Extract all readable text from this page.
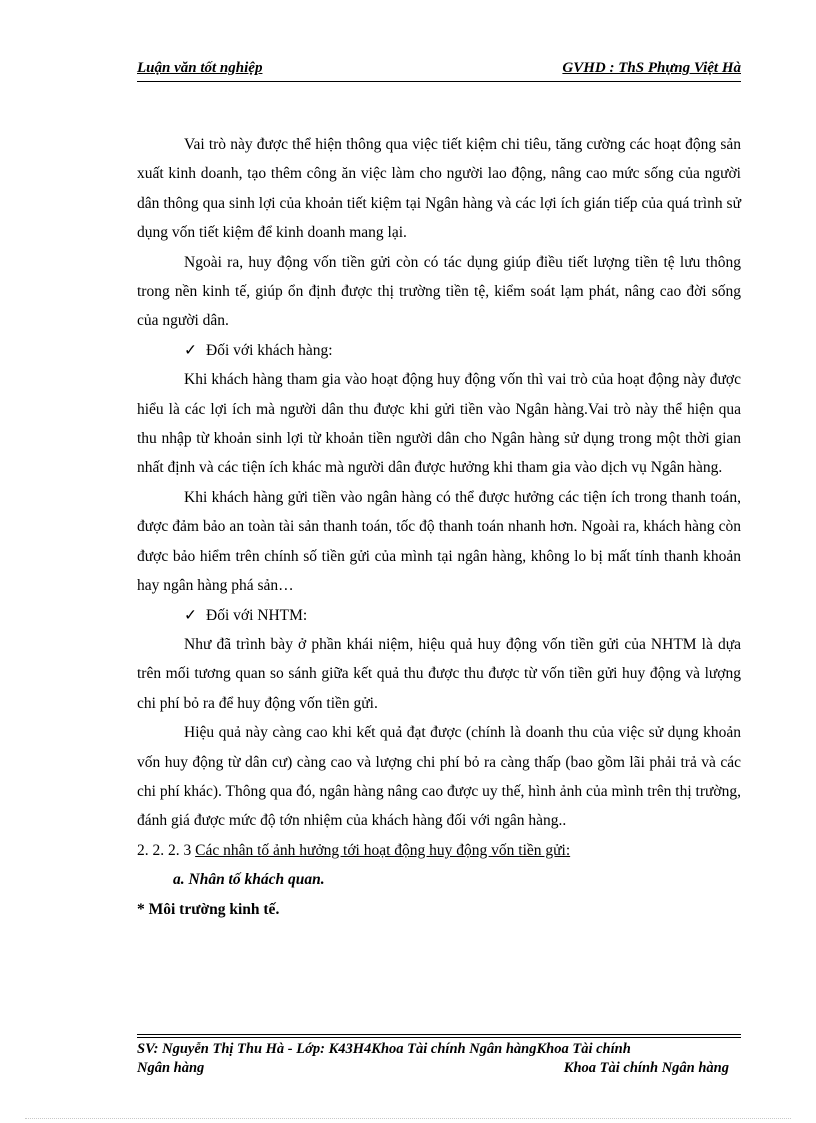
Luận văn tốt nghiệp	GVHD : ThS Phựng Việt Hà

Vai trò này được thể hiện thông qua việc tiết kiệm chi tiêu, tăng cường các hoạt động sản xuất kinh doanh, tạo thêm công ăn việc làm cho người lao động, nâng cao mức sống của người dân thông qua sinh lợi của khoản tiết kiệm tại Ngân hàng và các lợi ích gián tiếp của quá trình sử dụng vốn tiết kiệm để kinh doanh mang lại.

Ngoài ra, huy động vốn tiền gửi còn có tác dụng giúp điều tiết lượng tiền tệ lưu thông trong nền kinh tế, giúp ổn định được thị trường tiền tệ, kiểm soát lạm phát, nâng cao đời sống của người dân.

✓ Đối với khách hàng:

Khi khách hàng tham gia vào hoạt động huy động vốn thì vai trò của hoạt động này được hiểu là các lợi ích mà người dân thu được khi gửi tiền vào Ngân hàng.Vai trò này thể hiện qua thu nhập từ khoản sinh lợi từ khoản tiền người dân cho Ngân hàng sử dụng trong một thời gian nhất định và các tiện ích khác mà người dân được hưởng khi tham gia vào dịch vụ Ngân hàng.

Khi khách hàng gửi tiền vào ngân hàng có thể được hưởng các tiện ích trong thanh toán, được đảm bảo an toàn tài sản thanh toán, tốc độ thanh toán nhanh hơn. Ngoài ra, khách hàng còn được bảo hiểm trên chính số tiền gửi của mình tại ngân hàng, không lo bị mất tính thanh khoản hay ngân hàng phá sản…

✓ Đối với NHTM:

Như đã trình bày ở phần khái niệm, hiệu quả huy động vốn tiền gửi của NHTM là dựa trên mối tương quan so sánh giữa kết quả thu được thu được từ vốn tiền gửi huy động và lượng chi phí bỏ ra để huy động vốn tiền gửi.

Hiệu quả này càng cao khi kết quả đạt được (chính là doanh thu của việc sử dụng khoản vốn huy động từ dân cư) càng cao và lượng chi phí bỏ ra càng thấp (bao gồm lãi phải trả và các chi phí khác). Thông qua đó, ngân hàng nâng cao được uy thế, hình ảnh của mình trên thị trường, đánh giá được mức độ tớn nhiệm của khách hàng đối với ngân hàng..

2. 2. 2. 3 Các nhân tố ảnh hưởng tới hoạt động huy động vốn tiền gửi:

a. Nhân tố khách quan.

* Môi trường kinh tế.

SV: Nguyễn Thị Thu Hà - Lớp: K43H4Khoa Tài chính Ngân hàngKhoa Tài chính
Ngân hàng	Khoa Tài chính Ngân hàng
